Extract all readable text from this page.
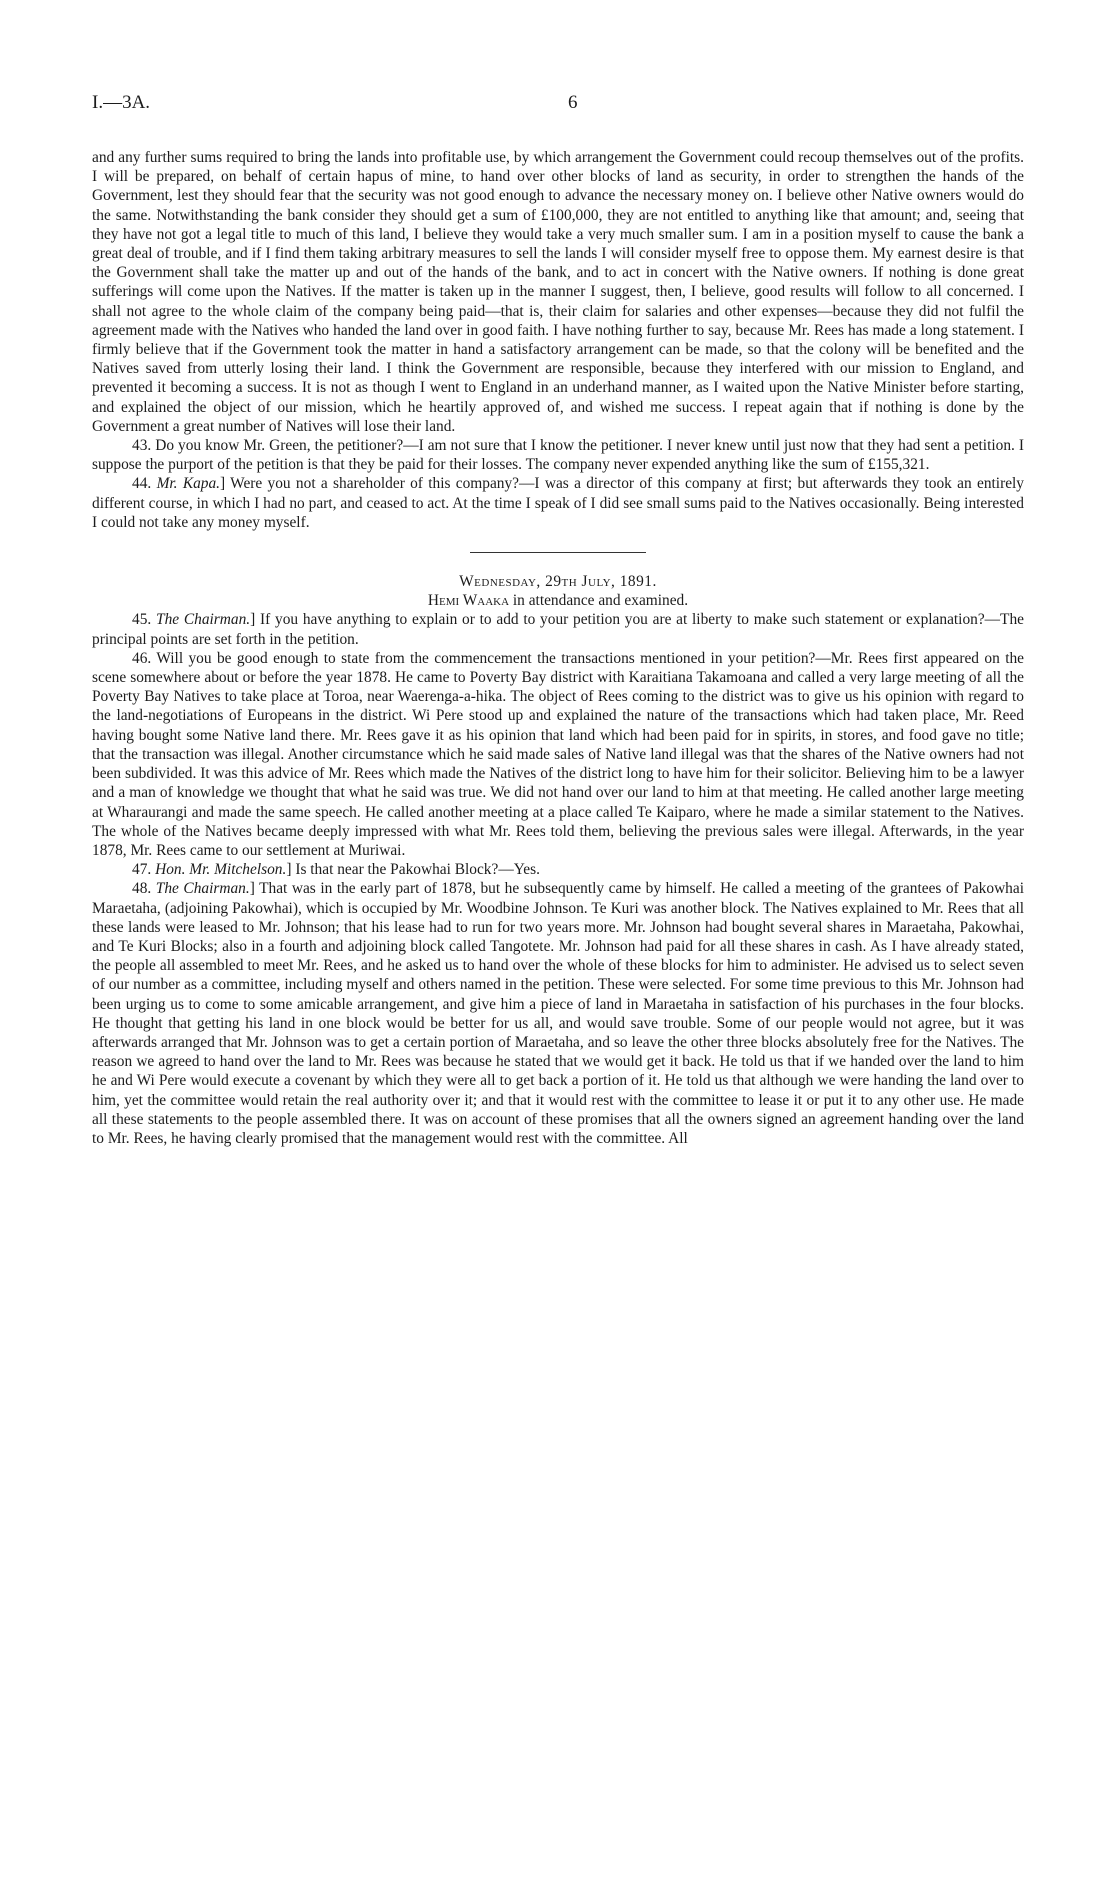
I.—3A.	6

and any further sums required to bring the lands into profitable use, by which arrangement the Government could recoup themselves out of the profits. I will be prepared, on behalf of certain hapus of mine, to hand over other blocks of land as security, in order to strengthen the hands of the Government, lest they should fear that the security was not good enough to advance the necessary money on. I believe other Native owners would do the same. Notwithstanding the bank consider they should get a sum of £100,000, they are not entitled to anything like that amount; and, seeing that they have not got a legal title to much of this land, I believe they would take a very much smaller sum. I am in a position myself to cause the bank a great deal of trouble, and if I find them taking arbitrary measures to sell the lands I will consider myself free to oppose them. My earnest desire is that the Government shall take the matter up and out of the hands of the bank, and to act in concert with the Native owners. If nothing is done great sufferings will come upon the Natives. If the matter is taken up in the manner I suggest, then, I believe, good results will follow to all concerned. I shall not agree to the whole claim of the company being paid—that is, their claim for salaries and other expenses—because they did not fulfil the agreement made with the Natives who handed the land over in good faith. I have nothing further to say, because Mr. Rees has made a long statement. I firmly believe that if the Government took the matter in hand a satisfactory arrangement can be made, so that the colony will be benefited and the Natives saved from utterly losing their land. I think the Government are responsible, because they interfered with our mission to England, and prevented it becoming a success. It is not as though I went to England in an underhand manner, as I waited upon the Native Minister before starting, and explained the object of our mission, which he heartily approved of, and wished me success. I repeat again that if nothing is done by the Government a great number of Natives will lose their land.

43. Do you know Mr. Green, the petitioner?—I am not sure that I know the petitioner. I never knew until just now that they had sent a petition. I suppose the purport of the petition is that they be paid for their losses. The company never expended anything like the sum of £155,321.

44. Mr. Kapa.] Were you not a shareholder of this company?—I was a director of this company at first; but afterwards they took an entirely different course, in which I had no part, and ceased to act. At the time I speak of I did see small sums paid to the Natives occasionally. Being interested I could not take any money myself.

Wednesday, 29th July, 1891.

Hemi Waaka in attendance and examined.

45. The Chairman.] If you have anything to explain or to add to your petition you are at liberty to make such statement or explanation?—The principal points are set forth in the petition.

46. Will you be good enough to state from the commencement the transactions mentioned in your petition?—Mr. Rees first appeared on the scene somewhere about or before the year 1878. He came to Poverty Bay district with Karaitiana Takamoana and called a very large meeting of all the Poverty Bay Natives to take place at Toroa, near Waerenga-a-hika. The object of Rees coming to the district was to give us his opinion with regard to the land-negotiations of Europeans in the district. Wi Pere stood up and explained the nature of the transactions which had taken place, Mr. Reed having bought some Native land there. Mr. Rees gave it as his opinion that land which had been paid for in spirits, in stores, and food gave no title; that the transaction was illegal. Another circumstance which he said made sales of Native land illegal was that the shares of the Native owners had not been subdivided. It was this advice of Mr. Rees which made the Natives of the district long to have him for their solicitor. Believing him to be a lawyer and a man of knowledge we thought that what he said was true. We did not hand over our land to him at that meeting. He called another large meeting at Wharaurangi and made the same speech. He called another meeting at a place called Te Kaiparo, where he made a similar statement to the Natives. The whole of the Natives became deeply impressed with what Mr. Rees told them, believing the previous sales were illegal. Afterwards, in the year 1878, Mr. Rees came to our settlement at Muriwai.

47. Hon. Mr. Mitchelson.] Is that near the Pakowhai Block?—Yes.

48. The Chairman.] That was in the early part of 1878, but he subsequently came by himself. He called a meeting of the grantees of Pakowhai Maraetaha, (adjoining Pakowhai), which is occupied by Mr. Woodbine Johnson. Te Kuri was another block. The Natives explained to Mr. Rees that all these lands were leased to Mr. Johnson; that his lease had to run for two years more. Mr. Johnson had bought several shares in Maraetaha, Pakowhai, and Te Kuri Blocks; also in a fourth and adjoining block called Tangotete. Mr. Johnson had paid for all these shares in cash. As I have already stated, the people all assembled to meet Mr. Rees, and he asked us to hand over the whole of these blocks for him to administer. He advised us to select seven of our number as a committee, including myself and others named in the petition. These were selected. For some time previous to this Mr. Johnson had been urging us to come to some amicable arrangement, and give him a piece of land in Maraetaha in satisfaction of his purchases in the four blocks. He thought that getting his land in one block would be better for us all, and would save trouble. Some of our people would not agree, but it was afterwards arranged that Mr. Johnson was to get a certain portion of Maraetaha, and so leave the other three blocks absolutely free for the Natives. The reason we agreed to hand over the land to Mr. Rees was because he stated that we would get it back. He told us that if we handed over the land to him he and Wi Pere would execute a covenant by which they were all to get back a portion of it. He told us that although we were handing the land over to him, yet the committee would retain the real authority over it; and that it would rest with the committee to lease it or put it to any other use. He made all these statements to the people assembled there. It was on account of these promises that all the owners signed an agreement handing over the land to Mr. Rees, he having clearly promised that the management would rest with the committee. All
